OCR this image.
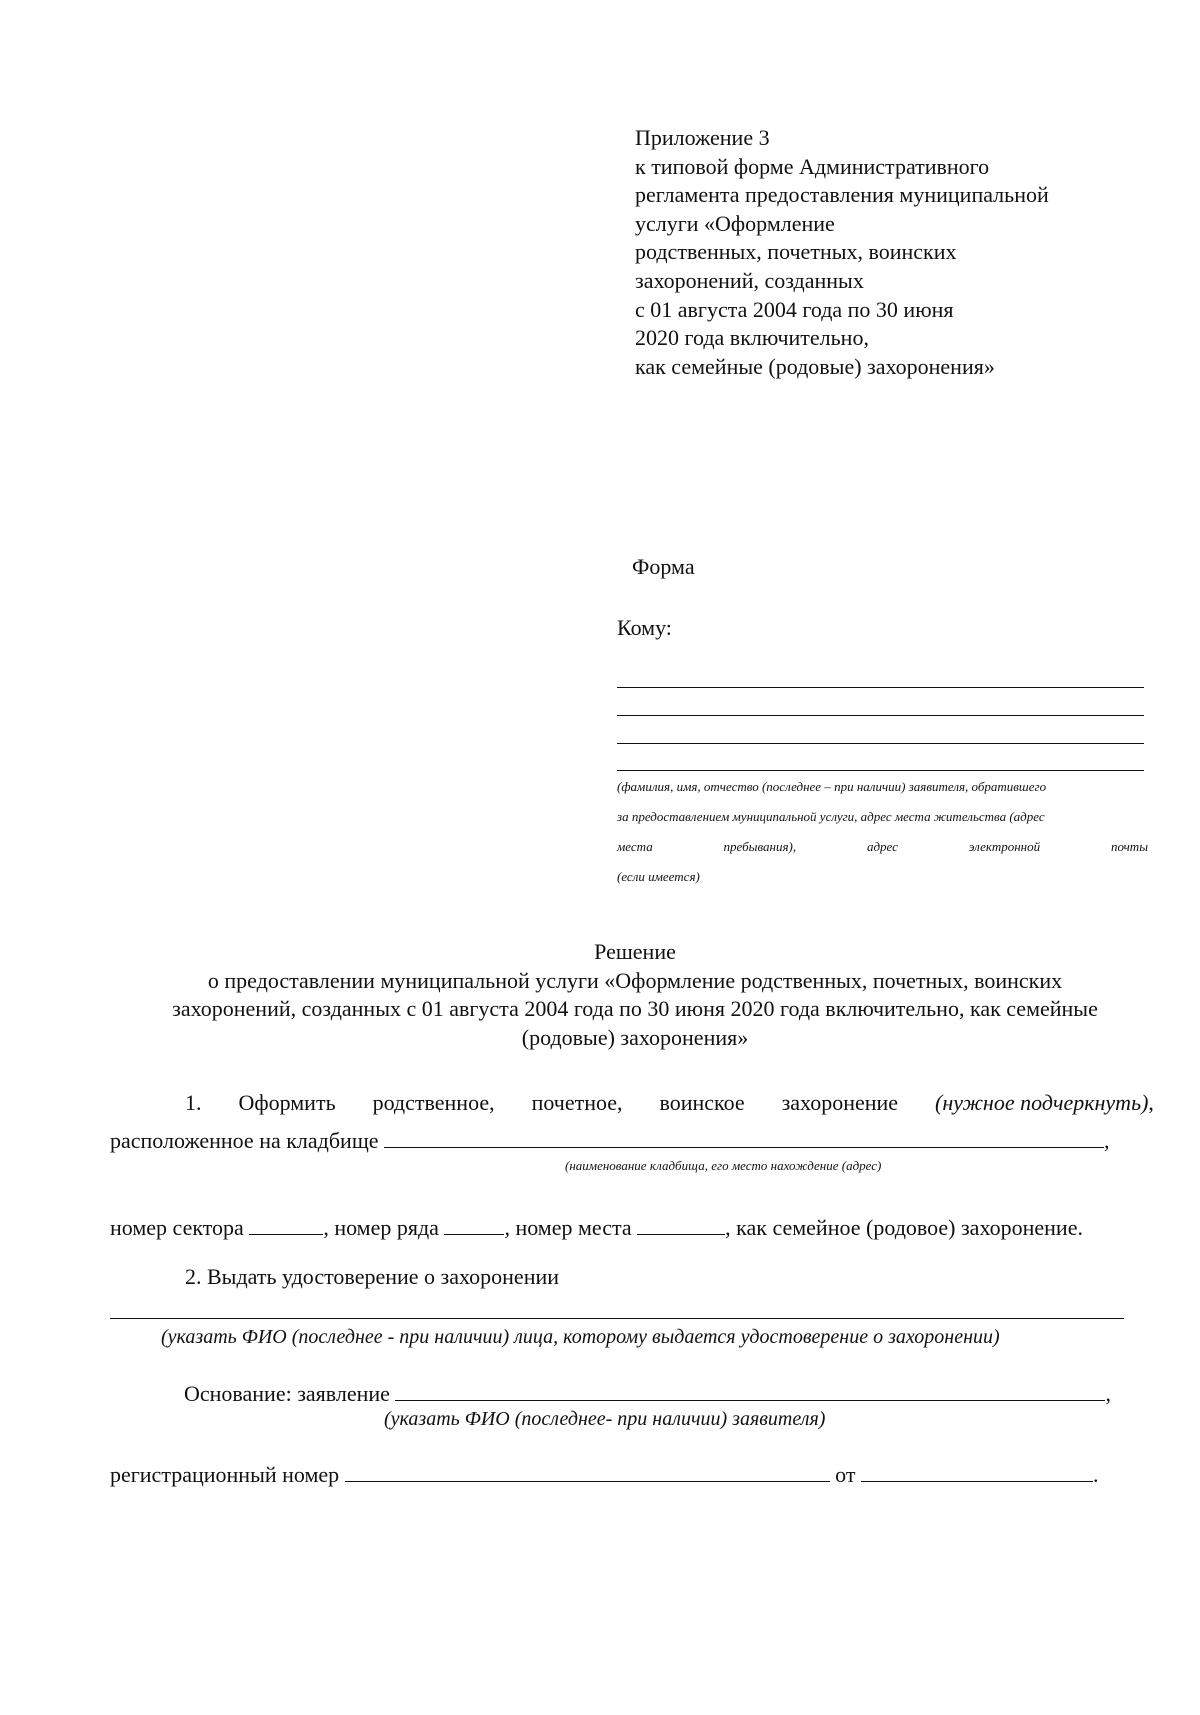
Приложение 3
к типовой форме Административного
регламента предоставления муниципальной
услуги «Оформление
родственных, почетных, воинских
захоронений, созданных
с 01 августа 2004 года по 30 июня
2020 года включительно,
как семейные (родовые) захоронения»
Форма
Кому:
(фамилия, имя, отчество (последнее – при наличии) заявителя, обратившего
за предоставлением муниципальной услуги, адрес места жительства (адрес
места	пребывания),	адрес	электронной	почты
(если имеется)
Решение
о предоставлении муниципальной услуги «Оформление родственных, почетных, воинских
захоронений, созданных с 01 августа 2004 года по 30 июня 2020 года включительно, как семейные
(родовые) захоронения»
1. Оформить родственное, почетное, воинское захоронение (нужное подчеркнуть),
расположенное на кладбище	,
(наименование кладбища, его место нахождение (адрес)
номер сектора	, номер ряда	, номер места	, как семейное (родовое) захоронение.
2. Выдать удостоверение о захоронении
(указать ФИО (последнее - при наличии) лица, которому выдается удостоверение о захоронении)
Основание: заявление	,
(указать ФИО (последнее- при наличии) заявителя)
регистрационный номер	от	.
